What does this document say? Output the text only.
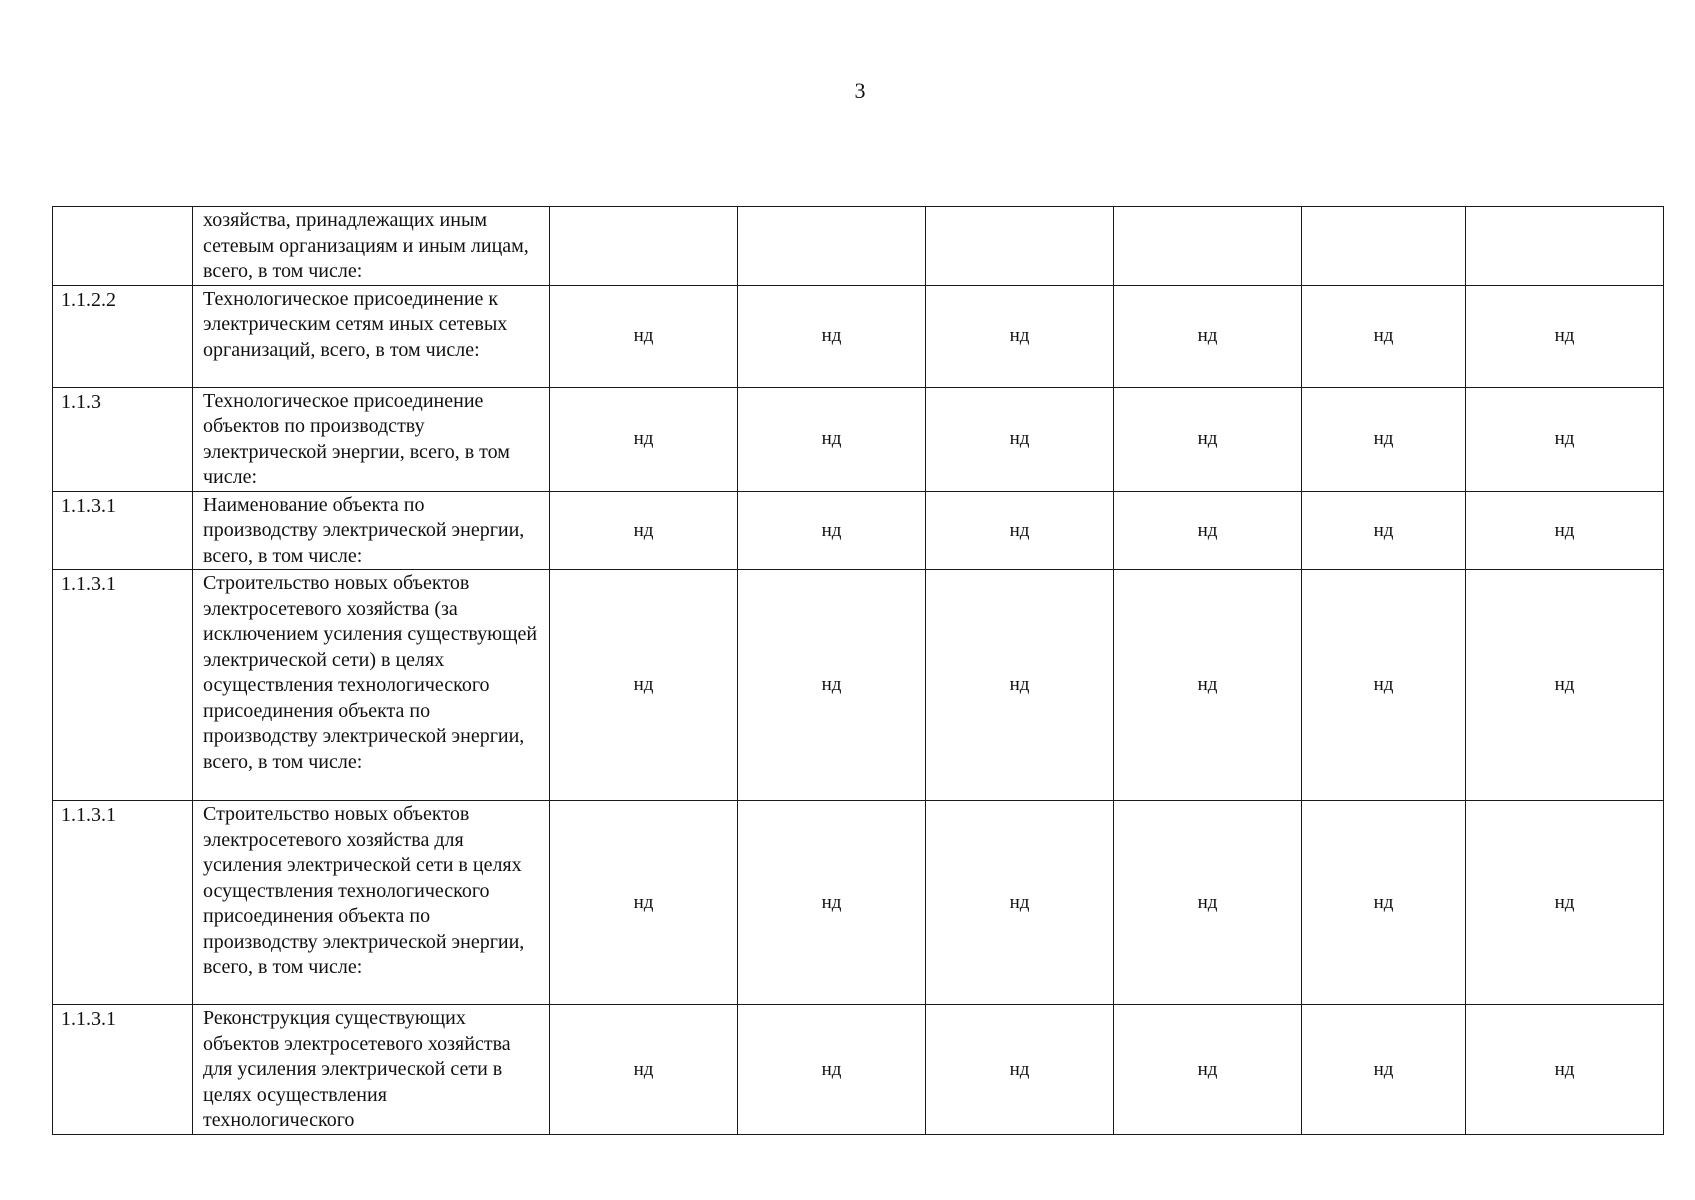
3
	хозяйства, принадлежащих иным сетевым организациям и иным лицам, всего, в том числе:						
1.1.2.2	Технологическое присоединение к электрическим сетям иных сетевых организаций, всего, в том числе:	нд	нд	нд	нд	нд	нд
1.1.3	Технологическое присоединение объектов по производству электрической энергии, всего, в том числе:	нд	нд	нд	нд	нд	нд
1.1.3.1	Наименование объекта по производству электрической энергии, всего, в том числе:	нд	нд	нд	нд	нд	нд
1.1.3.1	Строительство новых объектов электросетевого хозяйства (за исключением усиления существующей электрической сети) в целях осуществления технологического присоединения объекта по производству электрической энергии, всего, в том числе:	нд	нд	нд	нд	нд	нд
1.1.3.1	Строительство новых объектов электросетевого хозяйства для усиления электрической сети в целях осуществления технологического присоединения объекта по производству электрической энергии, всего, в том числе:	нд	нд	нд	нд	нд	нд
1.1.3.1	Реконструкция существующих объектов электросетевого хозяйства для усиления электрической сети в целях осуществления технологического	нд	нд	нд	нд	нд	нд
